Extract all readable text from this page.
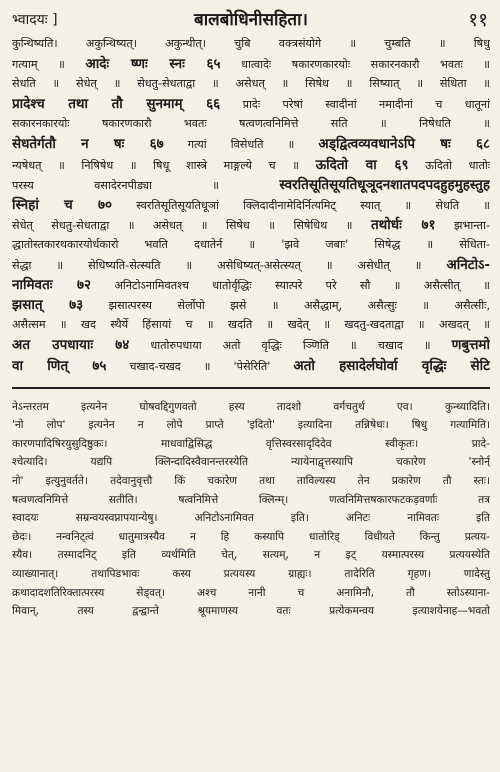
भ्वादयः ]	बालबोधिनीसहिता।	११
कुन्थिष्यति। अकुन्थिष्यत्। अकुन्थीत्। चुबि वक्त्रसंयोगे ॥ चुम्बति ॥ षिधु
गत्याम् ॥ आदेः ष्णः स्नः ६५ धात्वादेः षकारणकारयोः सकारनकारौ भवतः ॥
सेधति ॥ सेधेत् ॥ सेधतु-सेधताद्वा ॥ असेधत् ॥ सिषेध ॥ सिष्यात् ॥ सेधिता ॥
प्रादेश्च तथा तौ सुनमाम् ६६ प्रादेः परेषां स्वादीनां नमादीनां च धातूनां
सकारनकारयोः षकारणकारौ भवतः षत्वणत्वनिमित्ते सति ॥ निषेधति ॥
सेधतेर्गतौ न षः ६७ गत्यां विसेधति ॥ अड्द्वित्वव्यवधानेऽपि षः ६८
न्यषेधत् ॥ निषिषेध ॥ षिधू शास्त्रे माङ्गल्ये च ॥ ऊदितो वा ६९ ऊदितो धातोः
परस्य वसादेरनपीड्या ॥ स्वरतिसूतिसूयतिधूञूदनशातपदपदहुहमुहस्तुह
स्निहां च ७० स्वरतिसूतिसूयतिधूञां क्लिदादीनामेदिर्नित्यमिट् स्यात् ॥ सेधति ॥
सेधेत् सेधतु-सेधताद्वा ॥ असेधत् ॥ सिषेध ॥ सिषेधिथ ॥ तथोर्धः ७१ झभान्ता-
द्धातोस्तकारथकारयोर्धकारो भवति दधातेर्न ॥ 'झवे जबाः' सिषेद्ध ॥ सेधिता-
सेद्धा ॥ सेधिष्यति-सेत्स्यति ॥ असेधिष्यत्-असेत्स्यत् ॥ असेधीत् ॥ अनिटोऽ-
नामिवतः ७२ अनिटोऽनामिवतश्च धातोर्वृद्धिः स्यात्परे परे सौ ॥ असैत्सीत् ॥
झसात् ७३ झसात्परस्य सेर्लोपो झसे ॥ असैद्धाम्, असैत्सुः ॥ असैत्सीः,
असैत्सम ॥ खद स्थैर्ये हिंसायां च ॥ खदति ॥ खदेत् ॥ खदतु-खदताद्वा ॥ अखदत् ॥
अत उपधायाः ७४ धातोरुपधाया अतो वृद्धिः ञ्णिति ॥ चखाद ॥ णबुत्तमो
वा णित् ७५ चखाद-चखद ॥ 'पेसेरिति' अतो हसादेर्लघोर्वा वृद्धिः सेटि
नेऽन्तरतम इत्यनेन घोषवद्दिगुणवतो हस्य तादशो वर्गचतुर्थ एव। कुन्थ्यादिति।
'नो लोप' इत्यनेन न लोपे प्राप्ते 'इदितो' इत्यादिना तन्निषेधः। षिधु गत्यामिति।
कारणपादिषिरयुसुदिष्ठुकः। माधवाद्विसिद्ध वृत्तिस्वरसादृदिदेव स्वीकृतः। प्रादे-
श्चेत्यादि। यद्यपि क्लिन्दादिस्वैवानन्तरस्येति न्यायेनाद्वृत्तस्यापि चकारेण 'स्नोर्न्
नो' इत्युनुवर्तते। तदेवानुवृत्तौ किं चकारेण तथा ताविल्यस्य तेन प्रकारेण तौ स्तः।
षत्वणत्वनिमित्ते सतीति। षत्वनिमित्ते क्लिन्म्। णत्वनिमित्तषकारफटकड़वर्णाः तत्र
स्वादयः सम्रन्वयस्वप्नापयान्येषु। अनिटोऽनामिवत इति। अनिटः नामिवतः इति
छेदः। नन्वनिट्त्वं धातुमात्रस्यैव न हि कस्यापि धातोरिड् विधीयते किन्तु प्रत्यय-
स्यैव। तस्मादनिट् इति व्यर्थमिति चेत्, सत्यम्, न इट् यस्मात्परस्य प्रत्ययस्येति
व्याख्यानात्। तथापिडभावः कस्य प्रत्ययस्य ग्राह्यः। तादेरिति गृहण। णादेस्तु
क्रथादादशतिरिक्तात्परस्य सेड्वत्। अश्च नानी च अनामिनौ, तौ स्तोऽस्याना-
मिवान्, तस्य द्वन्द्वान्ते श्रूयमाणस्य वतः प्रत्येकमन्वय इत्याशयेनाह—भवतो
